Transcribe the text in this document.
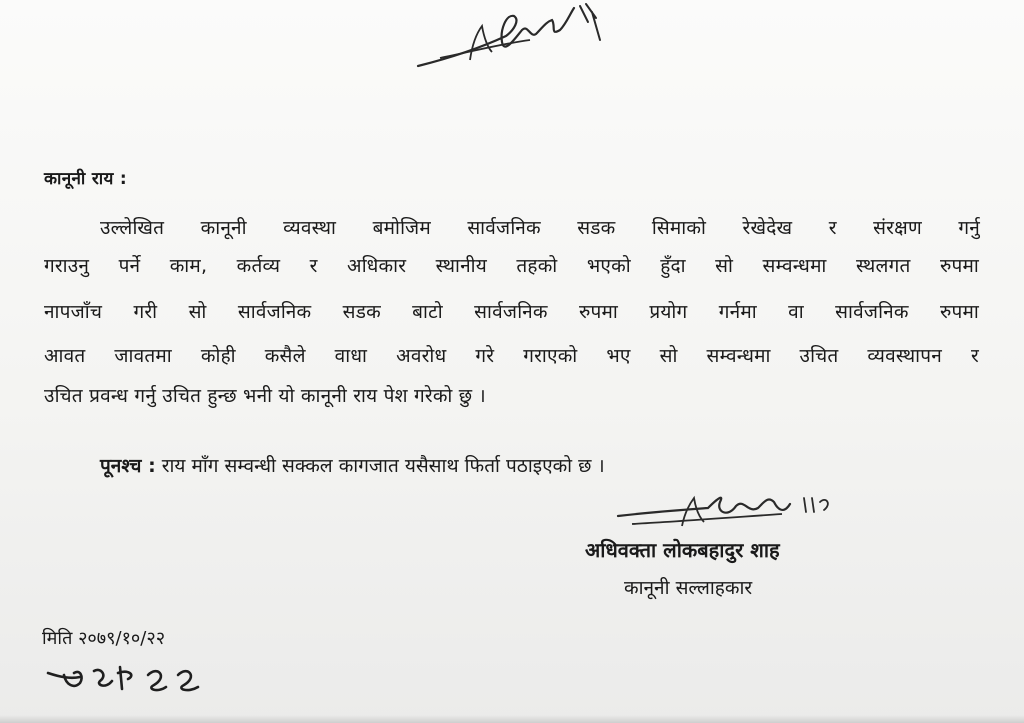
कानूनी राय :
उल्लेखित कानूनी व्यवस्था बमोजिम सार्वजनिक सडक सिमाको रेखेदेख र संरक्षण गर्नु
गराउनु पर्ने काम, कर्तव्य र अधिकार स्थानीय तहको भएको हुँदा सो सम्वन्धमा स्थलगत रुपमा
नापजाँच गरी सो सार्वजनिक सडक बाटो सार्वजनिक रुपमा प्रयोग गर्नमा वा सार्वजनिक रुपमा
आवत जावतमा कोही कसैले वाधा अवरोध गरे गराएको भए सो सम्वन्धमा उचित व्यवस्थापन र
उचित प्रवन्ध गर्नु उचित हुन्छ भनी यो कानूनी राय पेश गरेको छु ।
पूनश्च : राय माँग सम्वन्धी सक्कल कागजात यसैसाथ फिर्ता पठाइएको छ ।
अधिवक्ता लोकबहादुर शाह
कानूनी सल्लाहकार
मिति २०७९/१०/२२
